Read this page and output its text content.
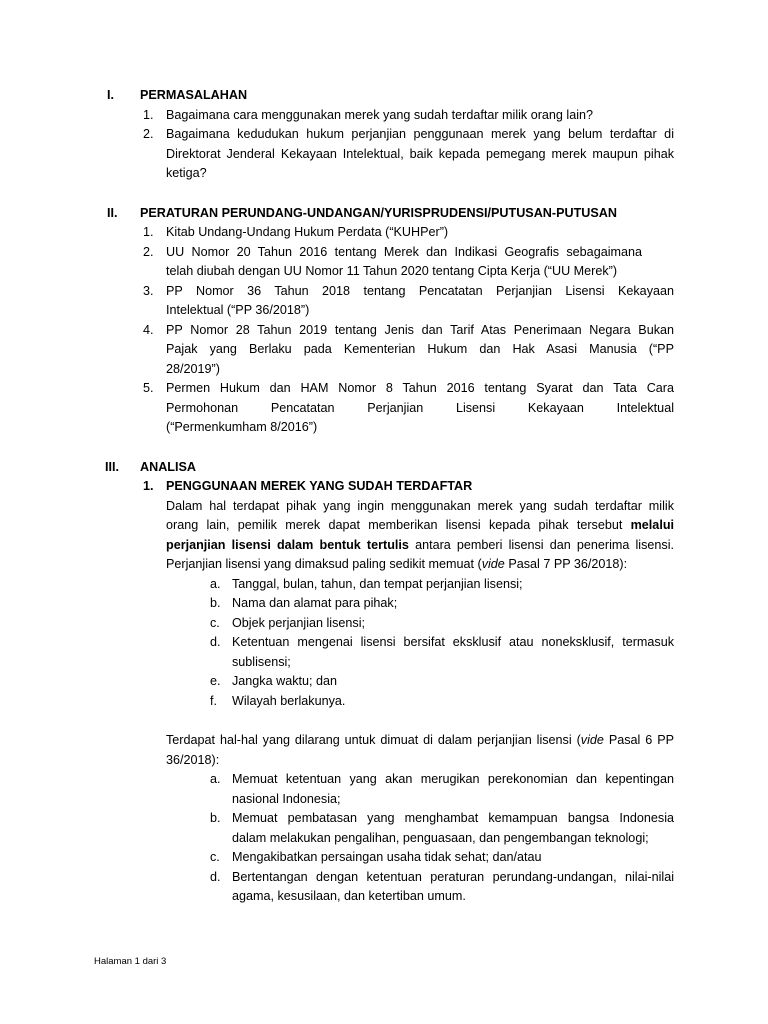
I. PERMASALAHAN
1. Bagaimana cara menggunakan merek yang sudah terdaftar milik orang lain?
2. Bagaimana kedudukan hukum perjanjian penggunaan merek yang belum terdaftar di
Direktorat Jenderal Kekayaan Intelektual, baik kepada pemegang merek maupun pihak
ketiga?
II. PERATURAN PERUNDANG-UNDANGAN/YURISPRUDENSI/PUTUSAN-PUTUSAN
1. Kitab Undang-Undang Hukum Perdata (“KUHPer”)
2. UU Nomor 20 Tahun 2016 tentang Merek dan Indikasi Geografis sebagaimana
telah diubah dengan UU Nomor 11 Tahun 2020 tentang Cipta Kerja (“UU Merek”)
3. PP Nomor 36 Tahun 2018 tentang Pencatatan Perjanjian Lisensi Kekayaan
Intelektual (“PP 36/2018”)
4. PP Nomor 28 Tahun 2019 tentang Jenis dan Tarif Atas Penerimaan Negara Bukan
Pajak yang Berlaku pada Kementerian Hukum dan Hak Asasi Manusia (“PP
28/2019”)
5. Permen Hukum dan HAM Nomor 8 Tahun 2016 tentang Syarat dan Tata Cara
Permohonan Pencatatan Perjanjian Lisensi Kekayaan Intelektual
(“Permenkumham 8/2016”)
III. ANALISA
1. PENGGUNAAN MEREK YANG SUDAH TERDAFTAR
Dalam hal terdapat pihak yang ingin menggunakan merek yang sudah terdaftar milik
orang lain, pemilik merek dapat memberikan lisensi kepada pihak tersebut melalui
perjanjian lisensi dalam bentuk tertulis antara pemberi lisensi dan penerima lisensi.
Perjanjian lisensi yang dimaksud paling sedikit memuat (vide Pasal 7 PP 36/2018):
a. Tanggal, bulan, tahun, dan tempat perjanjian lisensi;
b. Nama dan alamat para pihak;
c. Objek perjanjian lisensi;
d. Ketentuan mengenai lisensi bersifat eksklusif atau noneksklusif, termasuk
sublisensi;
e. Jangka waktu; dan
f. Wilayah berlakunya.
Terdapat hal-hal yang dilarang untuk dimuat di dalam perjanjian lisensi (vide Pasal 6 PP
36/2018):
a. Memuat ketentuan yang akan merugikan perekonomian dan kepentingan
nasional Indonesia;
b. Memuat pembatasan yang menghambat kemampuan bangsa Indonesia
dalam melakukan pengalihan, penguasaan, dan pengembangan teknologi;
c. Mengakibatkan persaingan usaha tidak sehat; dan/atau
d. Bertentangan dengan ketentuan peraturan perundang-undangan, nilai-nilai
agama, kesusilaan, dan ketertiban umum.
Halaman 1 dari 3
